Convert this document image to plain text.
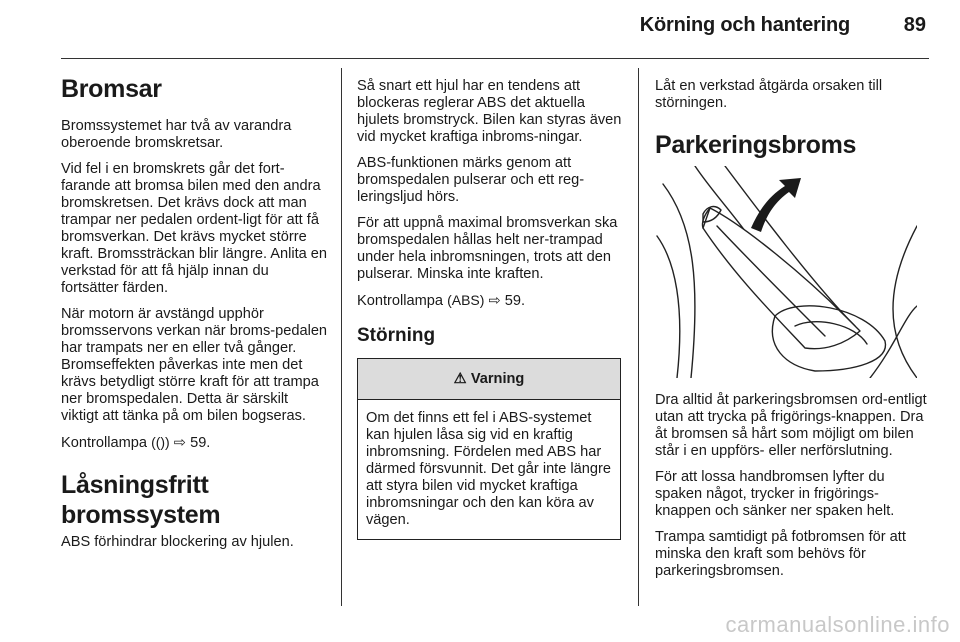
Körning och hantering	89
Bromsar

Bromssystemet har två av varandra oberoende bromskretsar.

Vid fel i en bromskrets går det fort-farande att bromsa bilen med den andra bromskretsen. Det krävs dock att man trampar ner pedalen ordent-ligt för att få bromsverkan. Det krävs mycket större kraft. Bromssträckan blir längre. Anlita en verkstad för att få hjälp innan du fortsätter färden.

När motorn är avstängd upphör bromsservons verkan när broms-pedalen har trampats ner en eller två gånger. Bromseffekten påverkas inte men det krävs betydligt större kraft för att trampa ner bromspedalen. Detta är särskilt viktigt att tänka på om bilen bogseras.

Kontrollampa (()) ⇨ 59.

Låsningsfritt bromssystem

ABS förhindrar blockering av hjulen.

Så snart ett hjul har en tendens att blockeras reglerar ABS det aktuella hjulets bromstryck. Bilen kan styras även vid mycket kraftiga inbroms-ningar.

ABS-funktionen märks genom att bromspedalen pulserar och ett reg-leringsljud hörs.

För att uppnå maximal bromsverkan ska bromspedalen hållas helt ner-trampad under hela inbromsningen, trots att den pulserar. Minska inte kraften.

Kontrollampa (ABS) ⇨ 59.

Störning
⚠ Varning
Om det finns ett fel i ABS-systemet kan hjulen låsa sig vid en kraftig inbromsning. Fördelen med ABS har därmed försvunnit. Det går inte längre att styra bilen vid mycket kraftiga inbromsningar och den kan köra av vägen.

Låt en verkstad åtgärda orsaken till störningen.

Parkeringsbroms

Dra alltid åt parkeringsbromsen ord-entligt utan att trycka på frigörings-knappen. Dra åt bromsen så hårt som möjligt om bilen står i en uppförs- eller nerförslutning.

För att lossa handbromsen lyfter du spaken något, trycker in frigörings-knappen och sänker ner spaken helt.

Trampa samtidigt på fotbromsen för att minska den kraft som behövs för parkeringsbromsen.

carmanualsonline.info
